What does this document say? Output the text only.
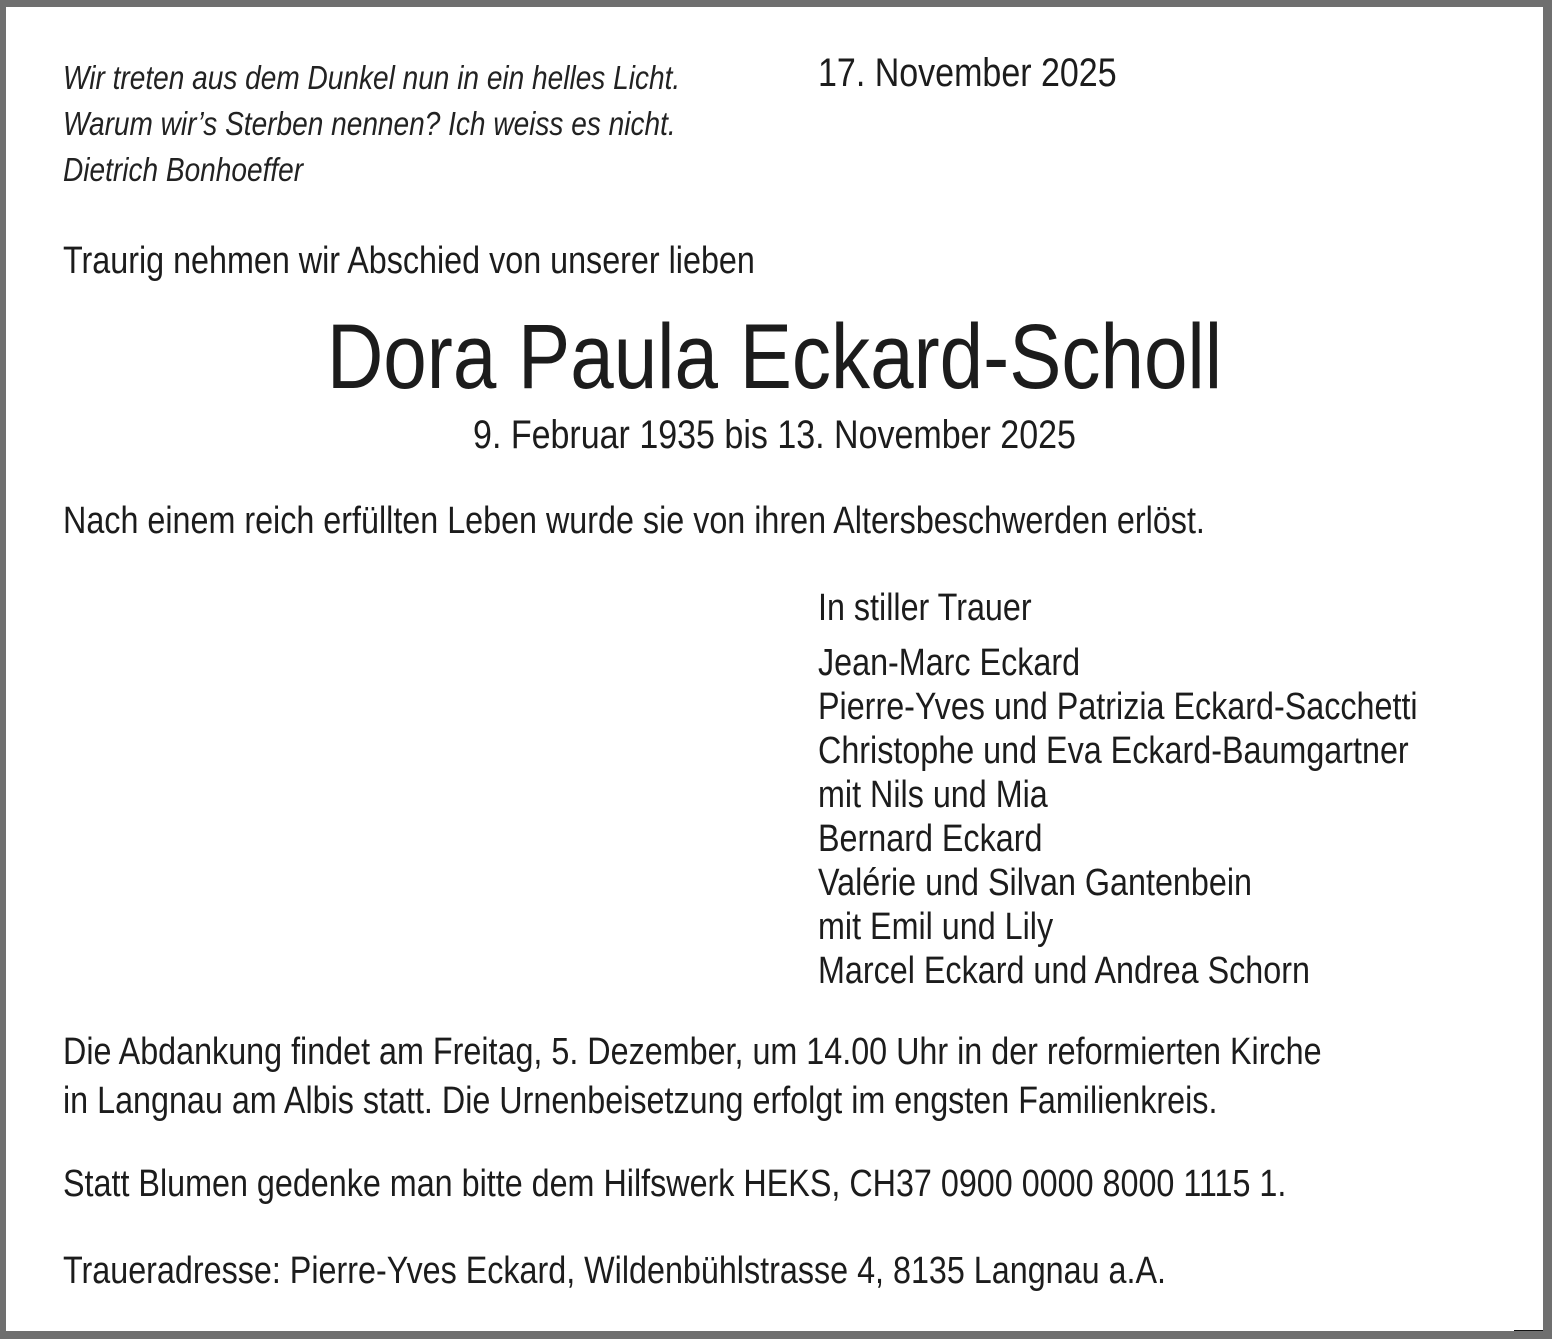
Wir treten aus dem Dunkel nun in ein helles Licht.
Warum wir’s Sterben nennen? Ich weiss es nicht.
Dietrich Bonhoeffer
17. November 2025
Traurig nehmen wir Abschied von unserer lieben
Dora Paula Eckard-Scholl
9. Februar 1935 bis 13. November 2025
Nach einem reich erfüllten Leben wurde sie von ihren Altersbeschwerden erlöst.
In stiller Trauer
Jean-Marc Eckard
Pierre-Yves und Patrizia Eckard-Sacchetti
Christophe und Eva Eckard-Baumgartner
mit Nils und Mia
Bernard Eckard
Valérie und Silvan Gantenbein
mit Emil und Lily
Marcel Eckard und Andrea Schorn
Die Abdankung findet am Freitag, 5. Dezember, um 14.00 Uhr in der reformierten Kirche
in Langnau am Albis statt. Die Urnenbeisetzung erfolgt im engsten Familienkreis.
Statt Blumen gedenke man bitte dem Hilfswerk HEKS, CH37 0900 0000 8000 1115 1.
Traueradresse: Pierre-Yves Eckard, Wildenbühlstrasse 4, 8135 Langnau a.A.
